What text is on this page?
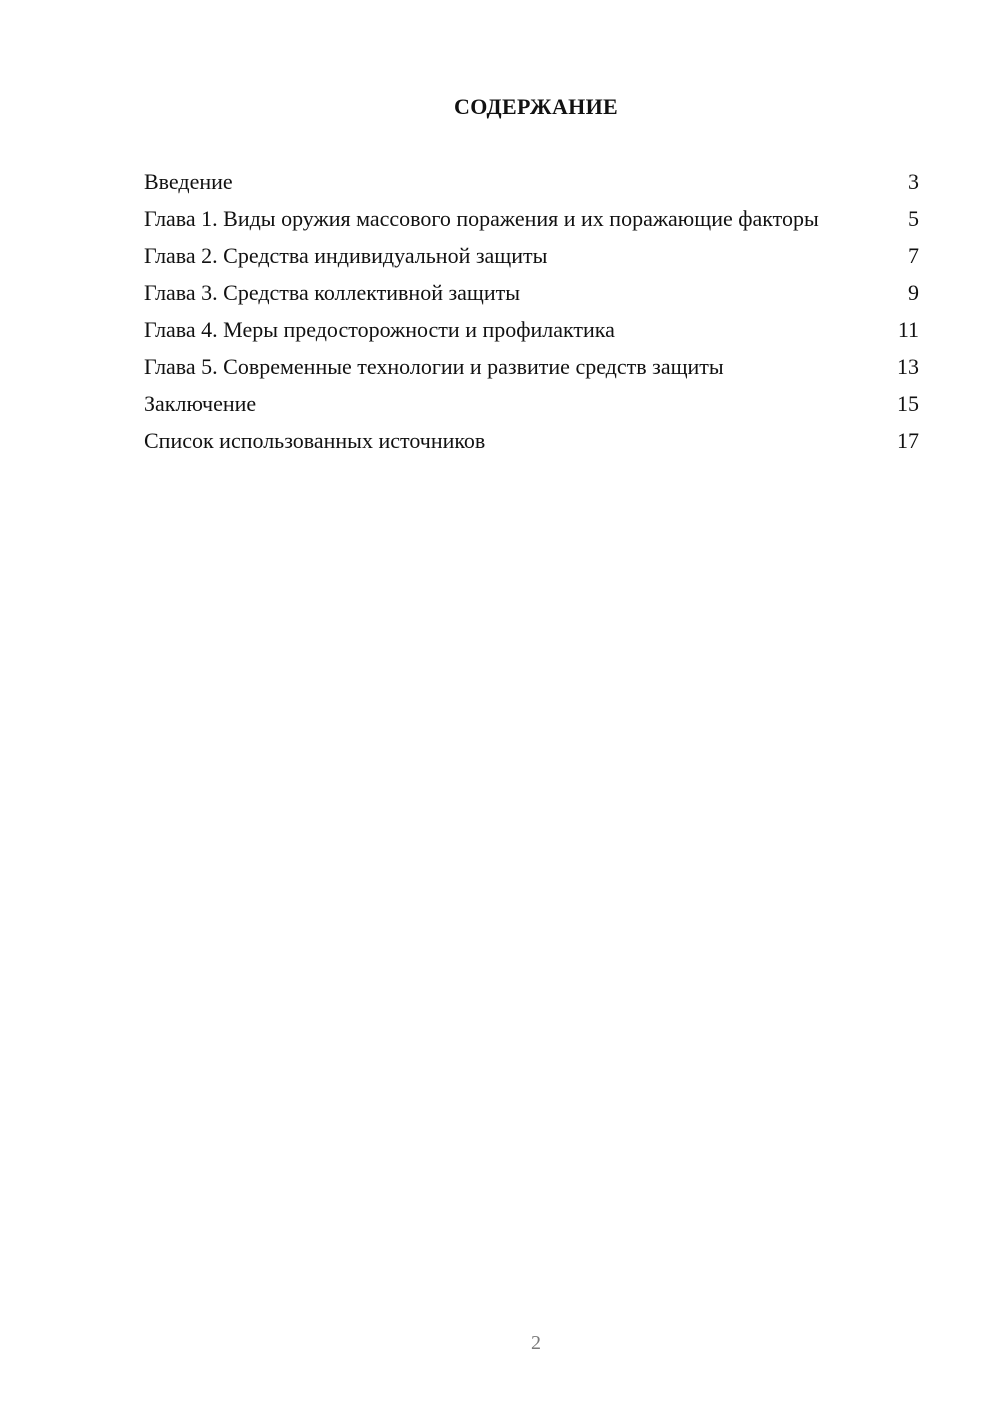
СОДЕРЖАНИЕ
Введение	3
Глава 1. Виды оружия массового поражения и их поражающие факторы	5
Глава 2. Средства индивидуальной защиты	7
Глава 3. Средства коллективной защиты	9
Глава 4. Меры предосторожности и профилактика	11
Глава 5. Современные технологии и развитие средств защиты	13
Заключение	15
Список использованных источников	17
2
